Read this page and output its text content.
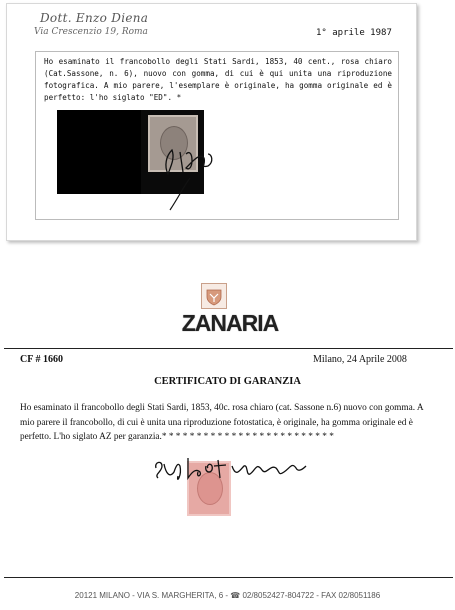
Dott. Enzo Diena
Via Crescenzio 19, Roma	1° aprile 1987
Ho esaminato il francobollo degli Stati Sardi, 1853, 40 cent., rosa chiaro (Cat.Sassone, n. 6), nuovo con gomma, di cui è qui unita una riproduzione fotografica. A mio parere, l'esemplare è originale, ha gomma originale ed è perfetto: l'ho siglato "ED". *
ZANARIA
CF # 1660	Milano, 24 Aprile 2008
CERTIFICATO DI GARANZIA
Ho esaminato il francobollo degli Stati Sardi, 1853, 40c. rosa chiaro (cat. Sassone n.6) nuovo con gomma. A mio parere il francobollo, di cui è unita una riproduzione fotostatica, è originale, ha gomma originale ed è perfetto. L'ho siglato AZ per garanzia.* * * * * * * * * * * * * * * * * * * * * * * * *
20121 MILANO - VIA S. MARGHERITA, 6 - ☎ 02/8052427-804722 - FAX 02/8051186
